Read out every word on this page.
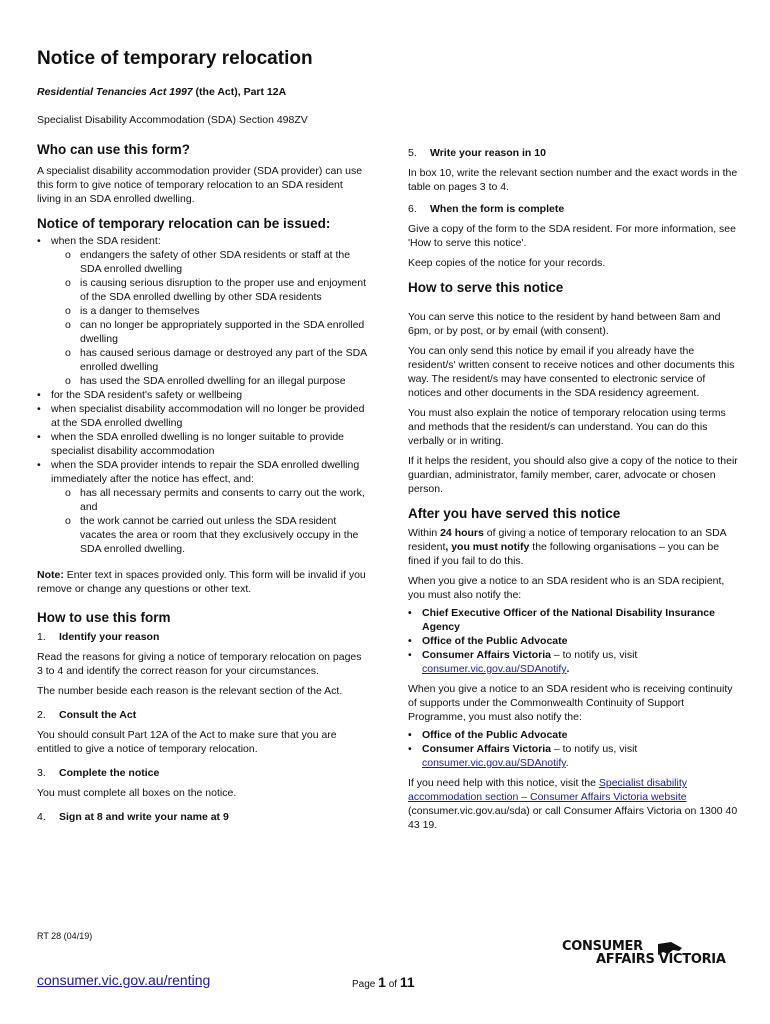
Notice of temporary relocation
Residential Tenancies Act 1997 (the Act), Part 12A
Specialist Disability Accommodation (SDA) Section 498ZV
Who can use this form?

A specialist disability accommodation provider (SDA provider) can use this form to give notice of temporary relocation to an SDA resident living in an SDA enrolled dwelling.

Notice of temporary relocation can be issued:
• when the SDA resident:
o endangers the safety of other SDA residents or staff at the SDA enrolled dwelling
o is causing serious disruption to the proper use and enjoyment of the SDA enrolled dwelling by other SDA residents
o is a danger to themselves
o can no longer be appropriately supported in the SDA enrolled dwelling
o has caused serious damage or destroyed any part of the SDA enrolled dwelling
o has used the SDA enrolled dwelling for an illegal purpose
• for the SDA resident's safety or wellbeing
• when specialist disability accommodation will no longer be provided at the SDA enrolled dwelling
• when the SDA enrolled dwelling is no longer suitable to provide specialist disability accommodation
• when the SDA provider intends to repair the SDA enrolled dwelling immediately after the notice has effect, and:
o has all necessary permits and consents to carry out the work, and
o the work cannot be carried out unless the SDA resident vacates the area or room that they exclusively occupy in the SDA enrolled dwelling.

Note: Enter text in spaces provided only. This form will be invalid if you remove or change any questions or other text.

How to use this form
1. Identify your reason

Read the reasons for giving a notice of temporary relocation on pages 3 to 4 and identify the correct reason for your circumstances.

The number beside each reason is the relevant section of the Act.

2. Consult the Act

You should consult Part 12A of the Act to make sure that you are entitled to give a notice of temporary relocation.

3. Complete the notice

You must complete all boxes on the notice.

4. Sign at 8 and write your name at 9
5. Write your reason in 10

In box 10, write the relevant section number and the exact words in the table on pages 3 to 4.

6. When the form is complete

Give a copy of the form to the SDA resident. For more information, see 'How to serve this notice'.

Keep copies of the notice for your records.

How to serve this notice

You can serve this notice to the resident by hand between 8am and 6pm, or by post, or by email (with consent).

You can only send this notice by email if you already have the resident/s' written consent to receive notices and other documents this way. The resident/s may have consented to electronic service of notices and other documents in the SDA residency agreement.

You must also explain the notice of temporary relocation using terms and methods that the resident/s can understand. You can do this verbally or in writing.

If it helps the resident, you should also give a copy of the notice to their guardian, administrator, family member, carer, advocate or chosen person.

After you have served this notice

Within 24 hours of giving a notice of temporary relocation to an SDA resident, you must notify the following organisations – you can be fined if you fail to do this.

When you give a notice to an SDA resident who is an SDA recipient, you must also notify the:

• Chief Executive Officer of the National Disability Insurance Agency
• Office of the Public Advocate
• Consumer Affairs Victoria – to notify us, visit consumer.vic.gov.au/SDAnotify.

When you give a notice to an SDA resident who is receiving continuity of supports under the Commonwealth Continuity of Support Programme, you must also notify the:

• Office of the Public Advocate
• Consumer Affairs Victoria – to notify us, visit consumer.vic.gov.au/SDAnotify.

If you need help with this notice, visit the Specialist disability accommodation section – Consumer Affairs Victoria website (consumer.vic.gov.au/sda) or call Consumer Affairs Victoria on 1300 40 43 19.

RT 28 (04/19)
consumer.vic.gov.au/renting	Page 1 of 11
CONSUMER
AFFAIRS VICTORIA
